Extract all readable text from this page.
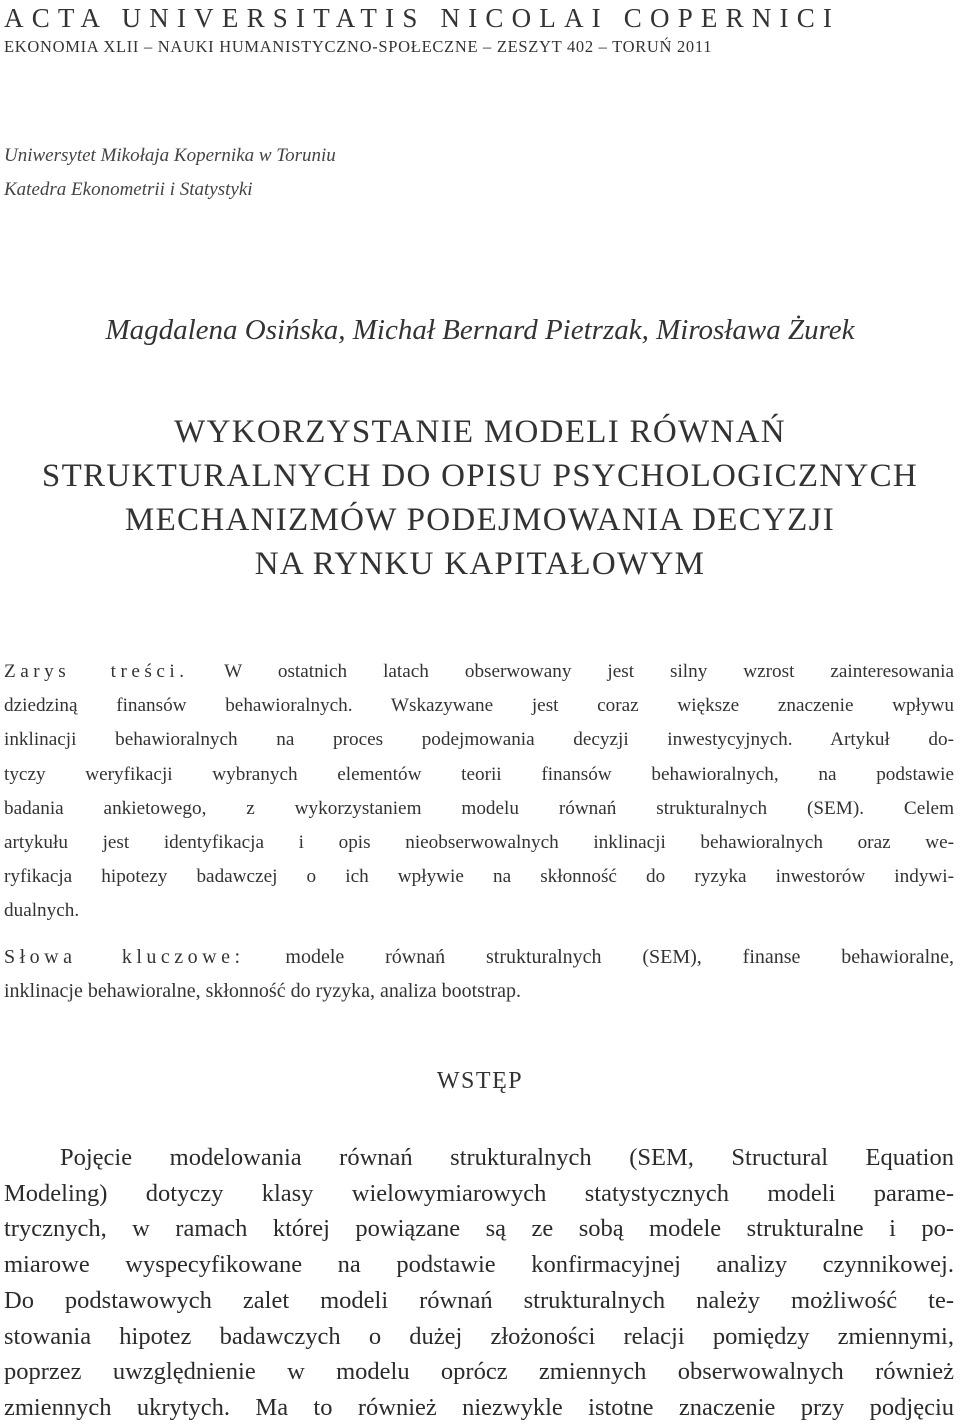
ACTA UNIVERSITATIS NICOLAI COPERNICI
EKONOMIA XLII – NAUKI HUMANISTYCZNO-SPOŁECZNE – ZESZYT 402 – TORUŃ 2011
Uniwersytet Mikołaja Kopernika w Toruniu
Katedra Ekonometrii i Statystyki
Magdalena Osińska, Michał Bernard Pietrzak, Mirosława Żurek
WYKORZYSTANIE MODELI RÓWNAŃ
STRUKTURALNYCH DO OPISU PSYCHOLOGICZNYCH
MECHANIZMÓW PODEJMOWANIA DECYZJI
NA RYNKU KAPITAŁOWYM
Zarys treści. W ostatnich latach obserwowany jest silny wzrost zainteresowania
dziedziną finansów behawioralnych. Wskazywane jest coraz większe znaczenie wpływu
inklinacji behawioralnych na proces podejmowania decyzji inwestycyjnych. Artykuł do-
tyczy weryfikacji wybranych elementów teorii finansów behawioralnych, na podstawie
badania ankietowego, z wykorzystaniem modelu równań strukturalnych (SEM). Celem
artykułu jest identyfikacja i opis nieobserwowalnych inklinacji behawioralnych oraz we-
ryfikacja hipotezy badawczej o ich wpływie na skłonność do ryzyka inwestorów indywi-
dualnych.
Słowa kluczowe: modele równań strukturalnych (SEM), finanse behawioralne,
inklinacje behawioralne, skłonność do ryzyka, analiza bootstrap.
WSTĘP
Pojęcie modelowania równań strukturalnych (SEM, Structural Equation
Modeling) dotyczy klasy wielowymiarowych statystycznych modeli parame-
trycznych, w ramach której powiązane są ze sobą modele strukturalne i po-
miarowe wyspecyfikowane na podstawie konfirmacyjnej analizy czynnikowej.
Do podstawowych zalet modeli równań strukturalnych należy możliwość te-
stowania hipotez badawczych o dużej złożoności relacji pomiędzy zmiennymi,
poprzez uwzględnienie w modelu oprócz zmiennych obserwowalnych również
zmiennych ukrytych. Ma to również niezwykle istotne znaczenie przy podjęciu
